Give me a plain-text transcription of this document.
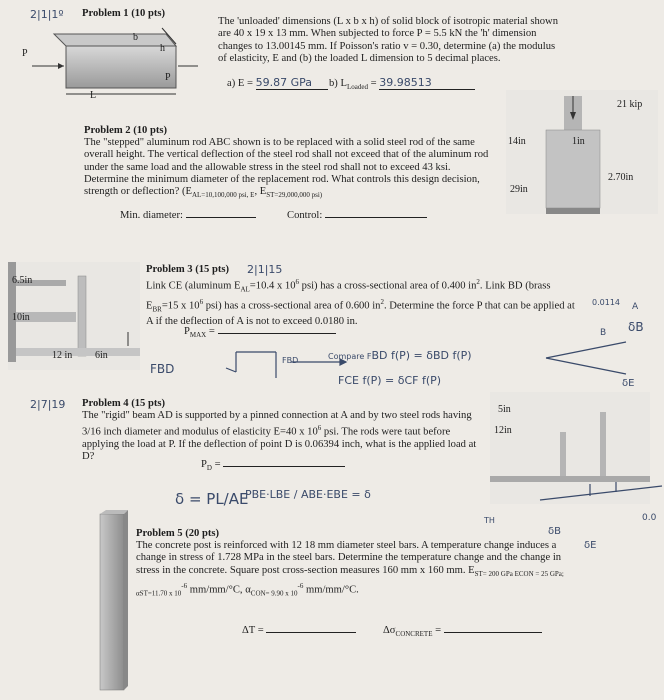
2|1|1º Problem 1 (10 pts)
b
h
P
P
L
The 'unloaded' dimensions (L x b x h) of solid block of isotropic material shown are 40 x 19 x 13 mm. When subjected to force P = 5.5 kN the 'h' dimension changes to 13.00145 mm. If Poisson's ratio v = 0.30, determine (a) the modulus of elasticity, E and (b) the loaded L dimension to 5 decimal places.
a) E = 59.87 GPa	b) $L_{Loaded} = 39.98513$
Problem 2 (10 pts)
The "stepped" aluminum rod ABC shown is to be replaced with a solid steel rod of the same overall height. The vertical deflection of the steel rod shall not exceed that of the aluminum rod under the same load and the allowable stress in the steel rod shall not to exceed 43 ksi. Determine the minimum diameter of the replacement rod. What controls this design decision, strength or deflection? ($E_{AL=10,100,000 psi, E}$, $E_{ST=29,000,000 psi)}$
Min. diameter:	Control:
21 kip
14in	1in
2.70in
29in
6.5in
10in
12 in 6in
Problem 3 (15 pts) 2|1|15
Link CE (aluminum $E_{AL}=10.4$ x $10^6$ psi) has a cross-sectional area of 0.400 $in^2$. Link BD (brass $E_{BR}=15$ x $10^6$ psi) has a cross-sectional area of 0.600 $in^2$. Determine the force P that can be applied at A if the deflection of A is not to exceed 0.0180 in.
$P_{MAX}$ =
FBD
FBD	Compare FBD f(P) = δBD f(P)
FCE f(P) = δCF f(P)
0.0114 A
B δB
δE
2|7|19 Problem 4 (15 pts)
The "rigid" beam AD is supported by a pinned connection at A and by two steel rods having 3/16 inch diameter and modulus of elasticity E=40 x $10^6$ psi. The rods were taut before applying the load at P. If the deflection of point D is 0.06394 inch, what is the applied load at D?
$P_D$ =
δ = PL/AE
PBE·LBE / ABE·EBE = δ
5in
12in
0.0
δB
δE
TH
Problem 5 (20 pts)
The concrete post is reinforced with 12 18 mm diameter steel bars. A temperature change induces a change in stress of 1.728 MPa in the steel bars. Determine the temperature change and the change in stress in the concrete. Square post cross-section measures 160 mm x 160 mm. $E_{ST= 200 GPa ECON = 25 GPa; \alpha ST=11.70 x 10}^{-6}$ mm/mm/°C, $\alpha_{CON= 9.90 x 10}^{-6}$ mm/mm/°C.
ΔT =	$\Delta\sigma_{CONCRETE}$ =
